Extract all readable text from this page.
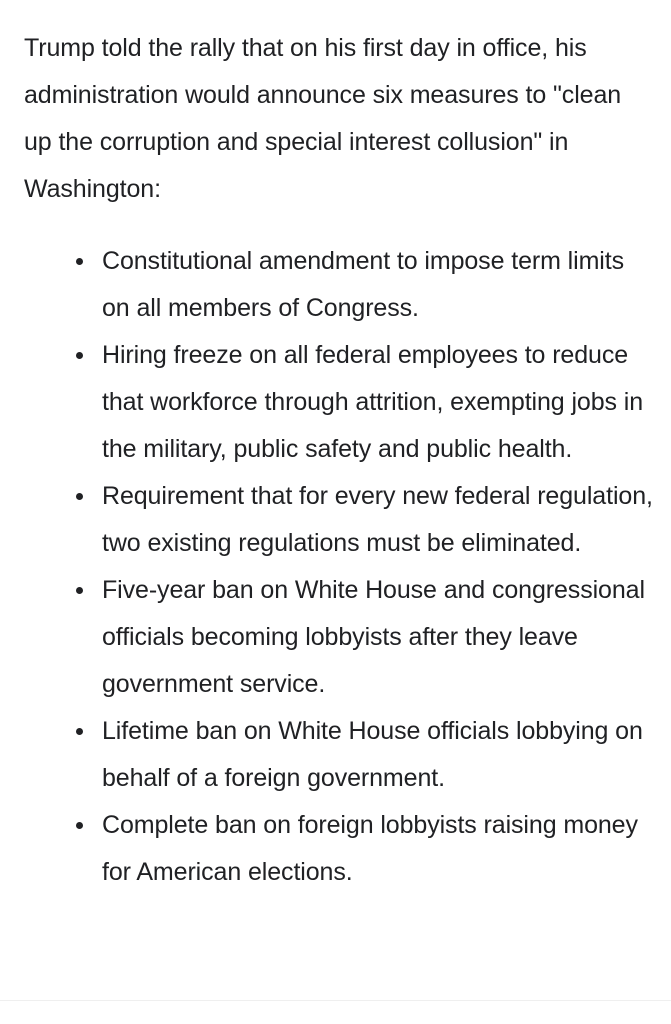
Trump told the rally that on his first day in office, his administration would announce six measures to "clean up the corruption and special interest collusion" in Washington:

Constitutional amendment to impose term limits on all members of Congress.
Hiring freeze on all federal employees to reduce that workforce through attrition, exempting jobs in the military, public safety and public health.
Requirement that for every new federal regulation, two existing regulations must be eliminated.
Five-year ban on White House and congressional officials becoming lobbyists after they leave government service.
Lifetime ban on White House officials lobbying on behalf of a foreign government.
Complete ban on foreign lobbyists raising money for American elections.
